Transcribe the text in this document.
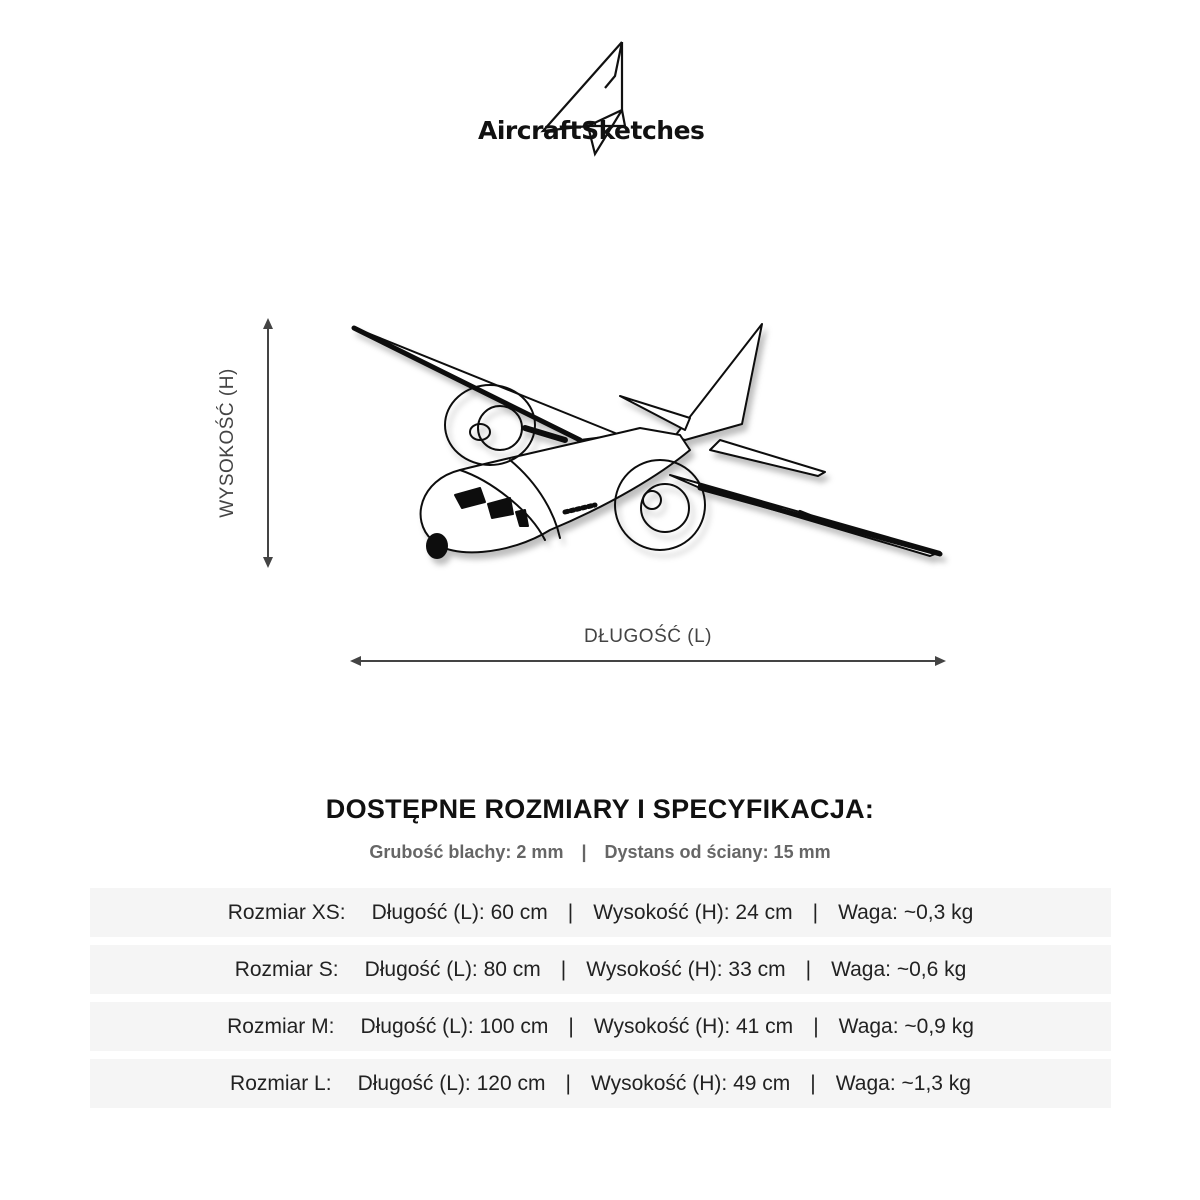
AircraftSketches
WYSOKOŚĆ (H)
DŁUGOŚĆ (L)
DOSTĘPNE ROZMIARY I SPECYFIKACJA:
Grubość blachy: 2 mm | Dystans od ściany: 15 mm
Rozmiar XS: Długość (L): 60 cm | Wysokość (H): 24 cm | Waga: ~0,3 kg
Rozmiar S: Długość (L): 80 cm | Wysokość (H): 33 cm | Waga: ~0,6 kg
Rozmiar M: Długość (L): 100 cm | Wysokość (H): 41 cm | Waga: ~0,9 kg
Rozmiar L: Długość (L): 120 cm | Wysokość (H): 49 cm | Waga: ~1,3 kg
